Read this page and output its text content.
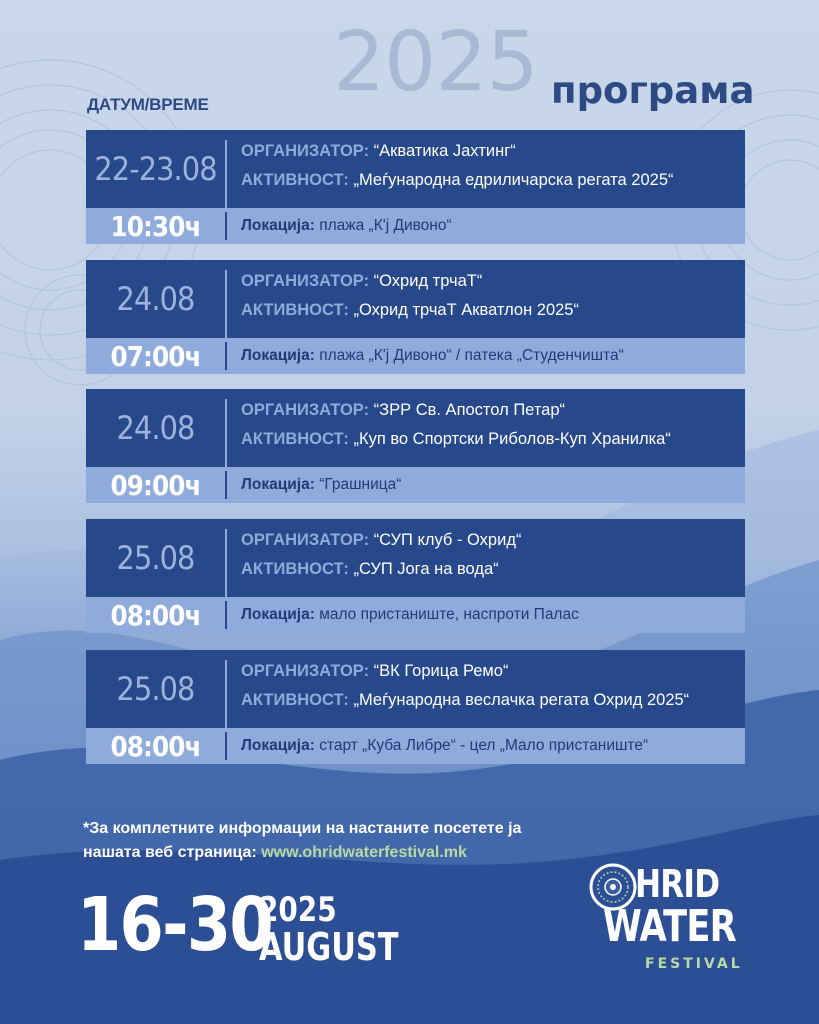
2025 програма
ДАТУМ/ВРЕМЕ
22-23.08
10:30ч
ОРГАНИЗАТОР: “Акватика Јахтинг“
АКТИВНОСТ: „Меѓународна едриличарска регата 2025“
Локација: плажа „К'ј Дивоно“
24.08
07:00ч
ОРГАНИЗАТОР: “Охрид трчаТ“
АКТИВНОСТ: „Охрид трчаТ Акватлон 2025“
Локација: плажа „К'ј Дивоно“ / патека „Студенчишта“
24.08
09:00ч
ОРГАНИЗАТОР: “ЗРР Св. Апостол Петар“
АКТИВНОСТ: „Куп во Спортски Риболов-Куп Хранилка“
Локација: “Грашница“
25.08
08:00ч
ОРГАНИЗАТОР: “СУП клуб - Охрид“
АКТИВНОСТ: „СУП Јога на вода“
Локација: мало пристаниште, наспроти Палас
25.08
08:00ч
ОРГАНИЗАТОР: “ВК Горица Ремо“
АКТИВНОСТ: „Меѓународна веслачка регата Охрид 2025“
Локација: старт „Куба Либре“ - цел „Мало пристаниште“
*За комплетните информации на настаните посетете ја
нашата веб страница: www.ohridwaterfestival.mk
16-30
2025
AUGUST
HRID
WATER
FESTIVAL
